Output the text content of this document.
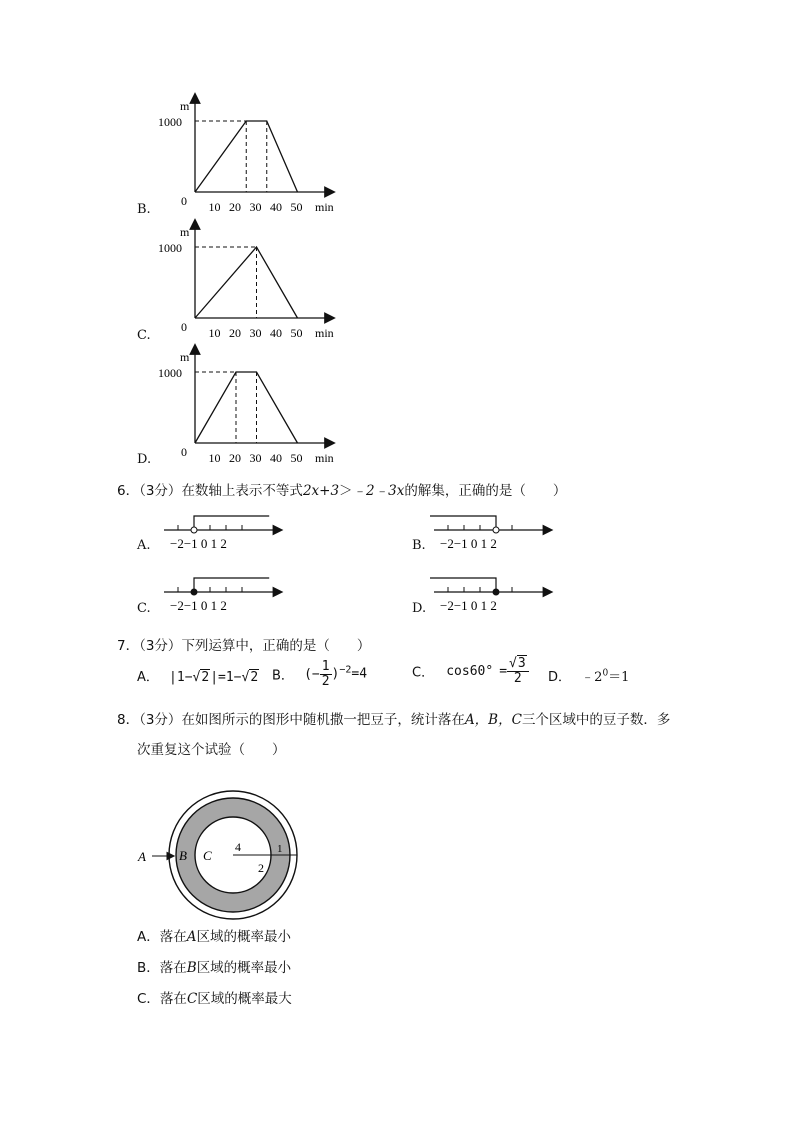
B.
m
1000
0 10 20 30 40 50 min
C.
m
1000
0 10 20 30 40 50 min
D.
m
1000
0 10 20 30 40 50 min
6．（3分）在数轴上表示不等式2x+3＞﹣2﹣3x的解集，正确的是（　　）
A. −2−1 0 1 2	B. −2−1 0 1 2
C. −2−1 0 1 2	D. −2−1 0 1 2
7．（3分）下列运算中，正确的是（　　）
A． |1−√2|=1−√2 B． (− $\frac{1}{2} )^{-2}=4$	C． $\cos 60^\circ = \frac{√3}{2}$ D． $﹣2^0=1$
8．（3分）在如图所示的图形中随机撒一把豆子，统计落在A，B，C三个区域中的豆子数．多
次重复这个试验（　　）
A	B C
4
2
1
A．落在A区域的概率最小
B．落在B区域的概率最小
C．落在C区域的概率最大
